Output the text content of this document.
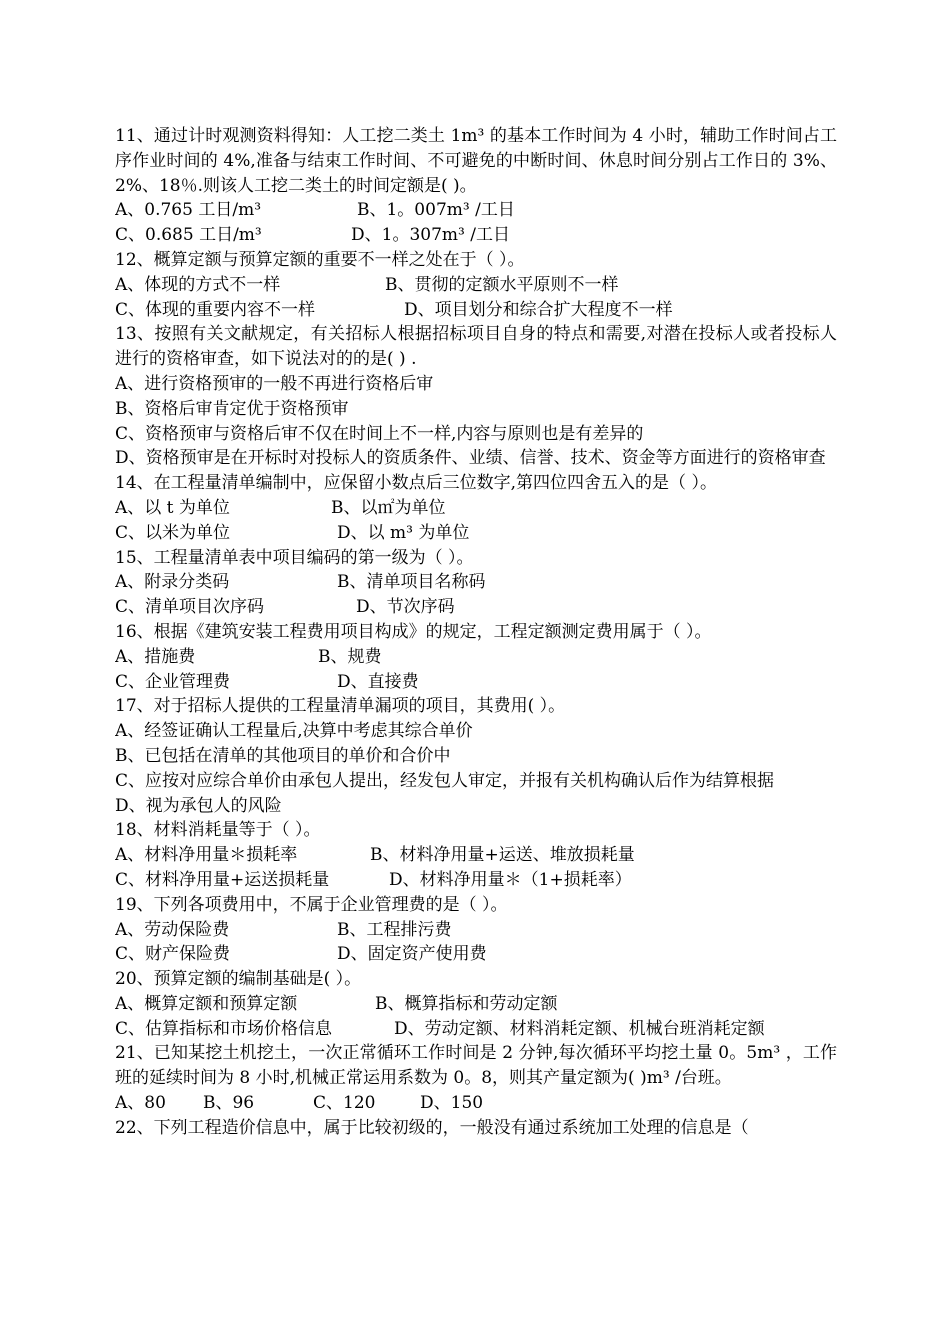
11、通过计时观测资料得知：人工挖二类土 1m³ 的基本工作时间为 4 小时，辅助工作时间占工序作业时间的 4%,准备与结束工作时间、不可避免的中断时间、休息时间分别占工作日的 3%、2%、18％.则该人工挖二类土的时间定额是( )。
A、0.765 工日/m³	B、1。007m³ /工日
C、0.685 工日/m³	D、1。307m³ /工日
12、概算定额与预算定额的重要不一样之处在于（ ）。
A、体现的方式不一样	B、贯彻的定额水平原则不一样
C、体现的重要内容不一样	D、项目划分和综合扩大程度不一样
13、按照有关文献规定，有关招标人根据招标项目自身的特点和需要,对潜在投标人或者投标人进行的资格审查，如下说法对的的是( ) .
A、进行资格预审的一般不再进行资格后审
B、资格后审肯定优于资格预审
C、资格预审与资格后审不仅在时间上不一样,内容与原则也是有差异的
D、资格预审是在开标时对投标人的资质条件、业绩、信誉、技术、资金等方面进行的资格审查
14、在工程量清单编制中，应保留小数点后三位数字,第四位四舍五入的是（ ）。
A、以 t 为单位	B、以㎡为单位
C、以米为单位	D、以 m³ 为单位
15、工程量清单表中项目编码的第一级为（ ）。
A、附录分类码	B、清单项目名称码
C、清单项目次序码	D、节次序码
16、根据《建筑安装工程费用项目构成》的规定，工程定额测定费用属于（ ）。
A、措施费	B、规费
C、企业管理费	D、直接费
17、对于招标人提供的工程量清单漏项的项目，其费用( ）。
A、经签证确认工程量后,决算中考虑其综合单价
B、已包括在清单的其他项目的单价和合价中
C、应按对应综合单价由承包人提出，经发包人审定，并报有关机构确认后作为结算根据
D、视为承包人的风险
18、材料消耗量等于（ ）。
A、材料净用量＊损耗率	B、材料净用量+运送、堆放损耗量
C、材料净用量+运送损耗量	D、材料净用量＊（1+损耗率）
19、下列各项费用中，不属于企业管理费的是（ ）。
A、劳动保险费	B、工程排污费
C、财产保险费	D、固定资产使用费
20、预算定额的编制基础是( ）。
A、概算定额和预算定额	B、概算指标和劳动定额
C、估算指标和市场价格信息	D、劳动定额、材料消耗定额、机械台班消耗定额
21、已知某挖土机挖土，一次正常循环工作时间是 2 分钟,每次循环平均挖土量 0。5m³ ，工作班的延续时间为 8 小时,机械正常运用系数为 0。8，则其产量定额为( )m³ /台班。
A、80 B、96	C、120	D、150
22、下列工程造价信息中，属于比较初级的，一般没有通过系统加工处理的信息是（
